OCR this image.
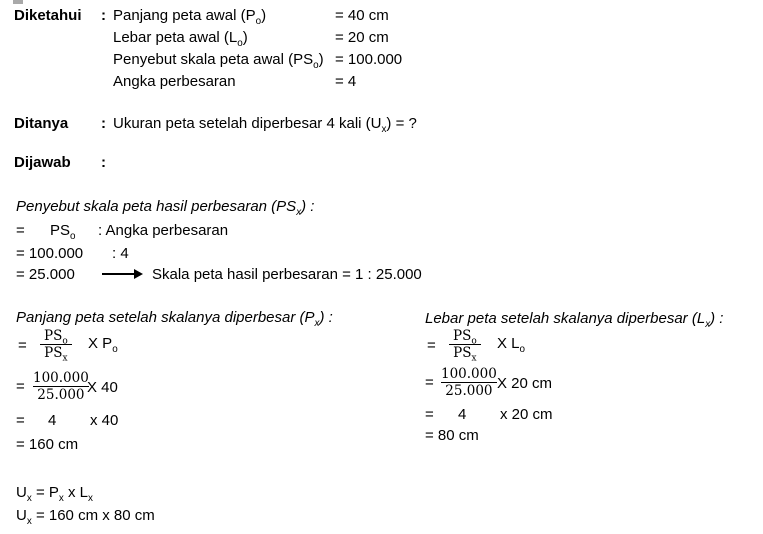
Diketahui : Panjang peta awal $(P_o)$	= 40 cm
Lebar peta awal $(L_o)$	= 20 cm
Penyebut skala peta awal $(PS_o) = 100.000$
Angka perbesaran	= 4
Ditanya : Ukuran peta setelah diperbesar 4 kali $(U_x)$ = ?
Dijawab :
Penyebut skala peta hasil perbesaran $(PS_x)$ :
= $PS_o$ : Angka perbesaran
= 100.000 : 4
= 25.000	Skala peta hasil perbesaran = 1 : 25.000
Panjang peta setelah skalanya diperbesar $(P_x)$ :
=
$PS_o$
$PS_x$
X $P_o$
= $\frac{100.000}{25.000}$
X 40
= 4 x 40
= 160 cm
Lebar peta setelah skalanya diperbesar $(L_x)$ :
=
$PS_o$
$PS_x$
X $L_o$
= $\frac{100.000}{25.000}$
X 20 cm
= 4 x 20 cm
= 80 cm
$U_x = P_x$ x $L_x$
$U_x = 160$ cm x 80 cm
